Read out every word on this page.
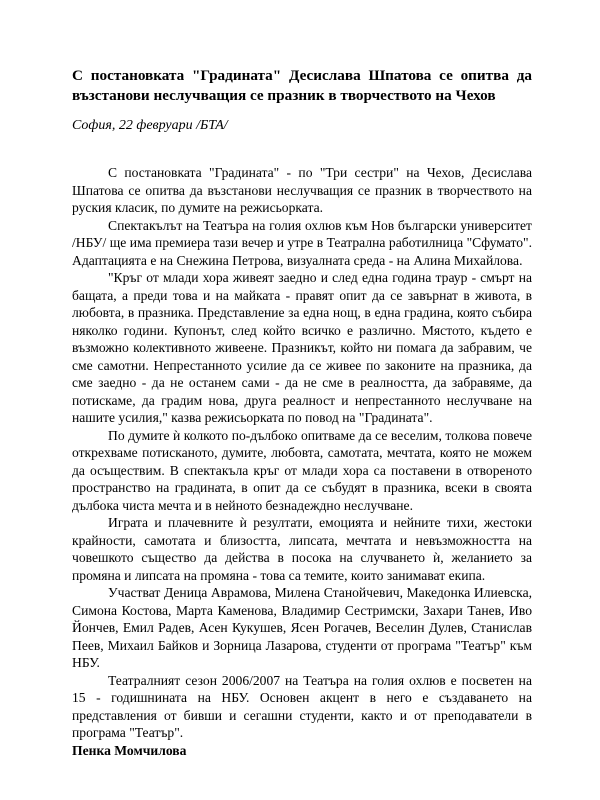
С постановката "Градината" Десислава Шпатова се опитва да възстанови неслучващия се празник в творчеството на Чехов

София, 22 февруари /БТА/

С постановката "Градината" - по "Три сестри" на Чехов, Десислава Шпатова се опитва да възстанови неслучващия се празник в творчеството на руския класик, по думите на режисьорката.

Спектакълът на Театъра на голия охлюв към Нов български университет /НБУ/ ще има премиера тази вечер и утре в Театрална работилница "Сфумато". Адаптацията е на Снежина Петрова, визуалната среда - на Алина Михайлова.

"Кръг от млади хора живеят заедно и след една година траур - смърт на бащата, а преди това и на майката - правят опит да се завърнат в живота, в любовта, в празника. Представление за една нощ, в една градина, която събира няколко години. Купонът, след който всичко е различно. Мястото, където е възможно колективното живеене. Празникът, който ни помага да забравим, че сме самотни. Непрестанното усилие да се живее по законите на празника, да сме заедно - да не останем сами - да не сме в реалността, да забравяме, да потискаме, да градим нова, друга реалност и непрестанното неслучване на нашите усилия," казва режисьорката по повод на "Градината".

По думите ѝ колкото по-дълбоко опитваме да се веселим, толкова повече откреxваме потисканото, думите, любовта, самотата, мечтата, която не можем да осъществим. В спектакъла кръг от млади хора са поставени в отвореното пространство на градината, в опит да се събудят в празника, всеки в своята дълбока чиста мечта и в нейното безнадеждно неслучване.

Играта и плачевните ѝ резултати, емоцията и нейните тихи, жестоки крайности, самотата и близостта, липсата, мечтата и невъзможността на човешкото същество да действа в посока на случването ѝ, желанието за промяна и липсата на промяна - това са темите, които занимават екипа.

Участват Деница Аврамова, Милена Станойчевич, Македонка Илиевска, Симона Костова, Марта Каменова, Владимир Сестримски, Захари Танев, Иво Йончев, Емил Радев, Асен Кукушев, Ясен Рогачев, Веселин Дулев, Станислав Пеев, Михаил Байков и Зорница Лазарова, студенти от програма "Театър" към НБУ.

Театралният сезон 2006/2007 на Театъра на голия охлюв е посветен на 15 - годишнината на НБУ. Основен акцент в него е създаването на представления от бивши и сегашни студенти, както и от преподаватели в програма "Театър".

Пенка Момчилова
